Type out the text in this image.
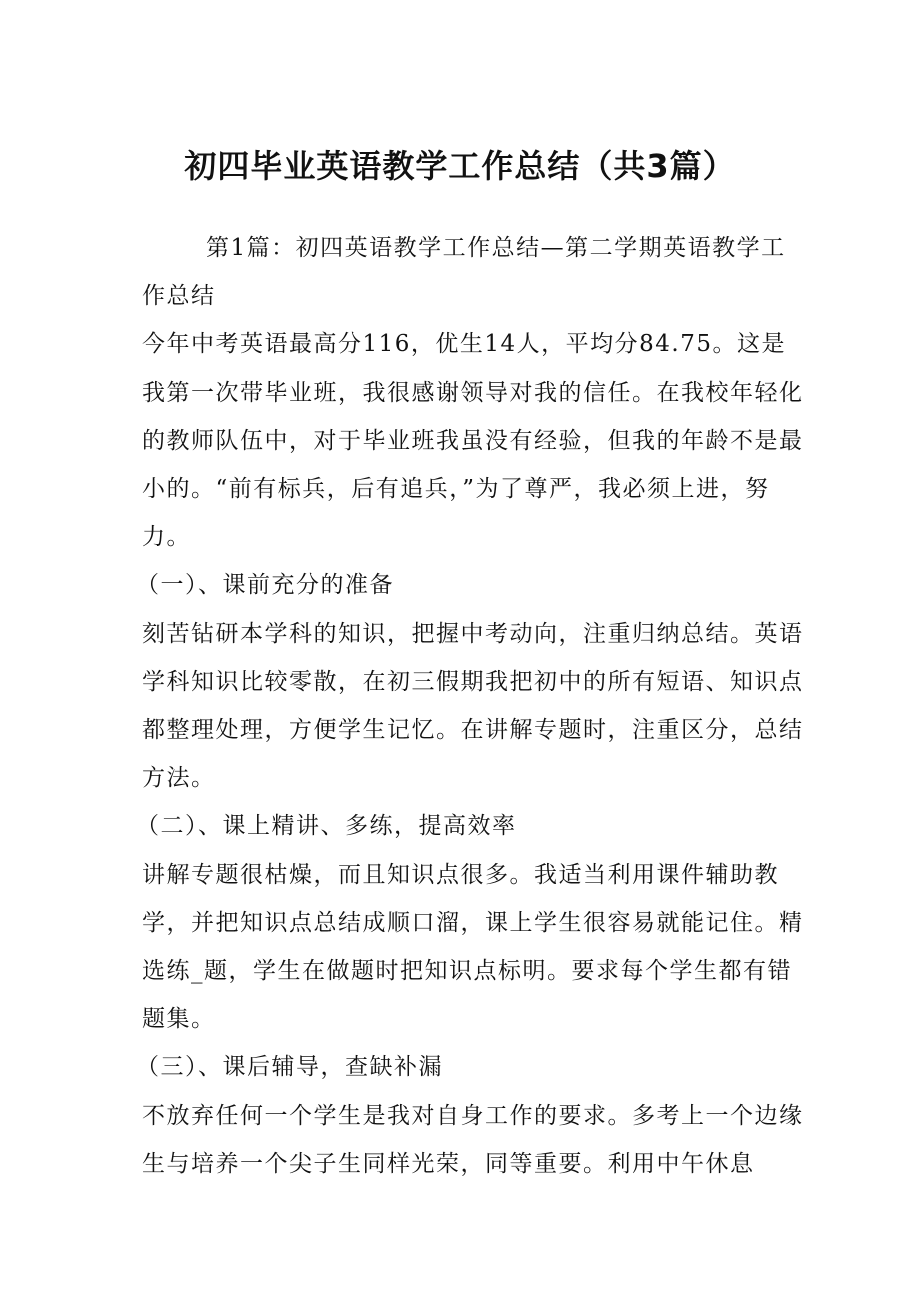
初四毕业英语教学工作总结（共3篇）

第1篇：初四英语教学工作总结—第二学期英语教学工作总结

今年中考英语最高分116，优生14人，平均分84.75。这是我第一次带毕业班，我很感谢领导对我的信任。在我校年轻化的教师队伍中，对于毕业班我虽没有经验，但我的年龄不是最小的。“前有标兵，后有追兵，”为了尊严，我必须上进，努力。

（一）、课前充分的准备

刻苦钻研本学科的知识，把握中考动向，注重归纳总结。英语学科知识比较零散，在初三假期我把初中的所有短语、知识点都整理处理，方便学生记忆。在讲解专题时，注重区分，总结方法。

（二）、课上精讲、多练，提高效率

讲解专题很枯燥，而且知识点很多。我适当利用课件辅助教学，并把知识点总结成顺口溜，课上学生很容易就能记住。精选练_题，学生在做题时把知识点标明。要求每个学生都有错题集。

（三）、课后辅导，查缺补漏

不放弃任何一个学生是我对自身工作的要求。多考上一个边缘生与培养一个尖子生同样光荣，同等重要。利用中午休息
